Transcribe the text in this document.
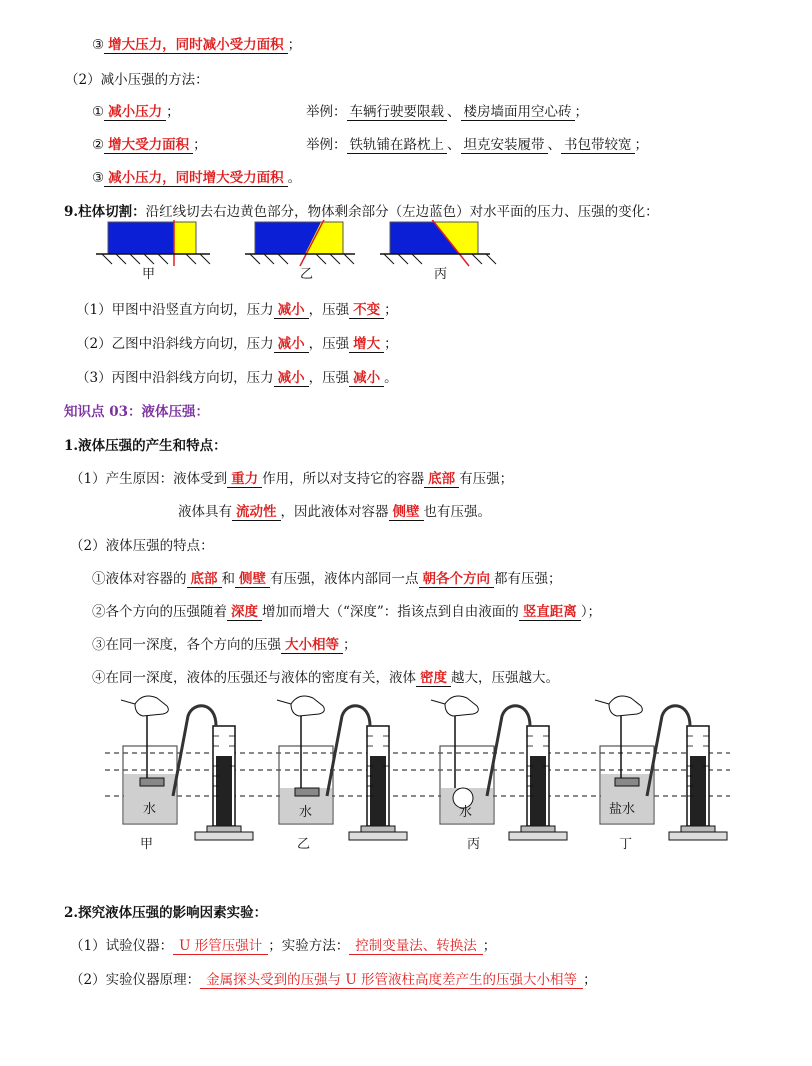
③ 增大压力，同时减小受力面积 ；
（2）减小压强的方法：
① 减小压力 ；	举例： 车辆行驶要限载 、 楼房墙面用空心砖 ；
② 增大受力面积 ；	举例： 铁轨铺在路枕上 、 坦克安装履带 、 书包带较宽 ；
③ 减小压力，同时增大受力面积 。
9.柱体切割：沿红线切去右边黄色部分，物体剩余部分（左边蓝色）对水平面的压力、压强的变化：
甲	乙	丙
（1）甲图中沿竖直方向切，压力 减小 ，压强 不变 ；
（2）乙图中沿斜线方向切，压力 减小 ，压强 增大 ；
（3）丙图中沿斜线方向切，压力 减小 ，压强 减小 。
知识点 03：液体压强：
1.液体压强的产生和特点：
（1）产生原因：液体受到 重力 作用，所以对支持它的容器 底部 有压强；
液体具有 流动性 ，因此液体对容器 侧壁 也有压强。
（2）液体压强的特点：
①液体对容器的 底部 和 侧壁 有压强，液体内部同一点 朝各个方向 都有压强；
②各个方向的压强随着 深度 增加而增大（“深度”：指该点到自由液面的 竖直距离 ）；
③在同一深度，各个方向的压强 大小相等 ；
④在同一深度，液体的压强还与液体的密度有关，液体 密度 越大，压强越大。
水
甲
水
乙
水
丙
盐水
丁
2.探究液体压强的影响因素实验：
（1）试验仪器： U 形管压强计 ；实验方法： 控制变量法、转换法 ；
（2）实验仪器原理： 金属探头受到的压强与 U 形管液柱高度差产生的压强大小相等 ；
